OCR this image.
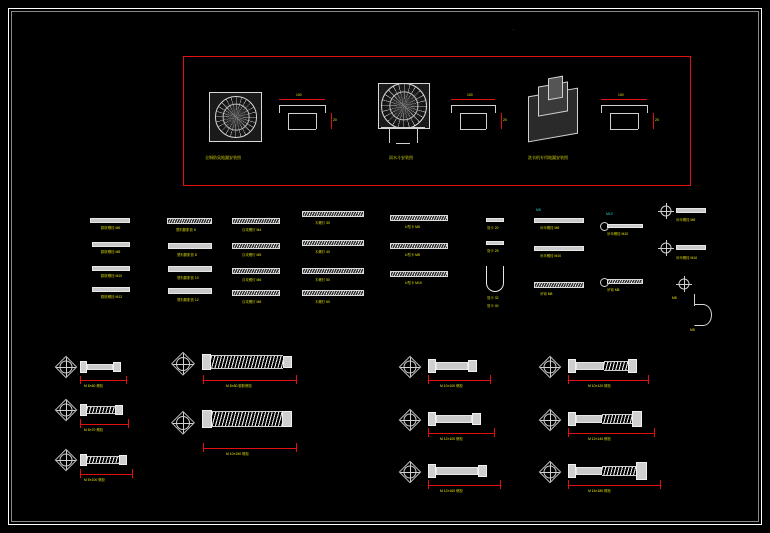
·
100
20
全铜防臭地漏安装图
100
20
雨水斗安装图
100
20
洗衣机专用地漏安装图
膨胀螺栓 M6
膨胀螺栓 M8
膨胀螺栓 M10
膨胀螺栓 M12
塑料膨胀管 6
塑料膨胀管 8
塑料膨胀管 10
塑料膨胀管 12
自攻螺钉 M4
自攻螺钉 M5
自攻螺钉 M6
自攻螺钉 M8
木螺钉 30
木螺钉 40
木螺钉 50
木螺钉 60
U型卡 M6
U型卡 M8
U型卡 M10
管卡 20
管卡 25
管卡 32
管卡 40
M8
吊环螺栓 M8
吊环螺栓 M10
吊钩 M8
M10
吊环螺栓 M10
吊钩 M8
M8
吊环螺栓 M8
吊环螺栓 M10
M8
M 8×60 螺栓	M 8×80 膨胀螺栓	M 10×100 螺栓	M 10×120 螺栓
M 8×70 螺栓
M 10×150 螺栓
M 12×100 螺栓	M 12×140 螺栓
M 8×100 螺栓
M 12×160 螺栓	M 16×180 螺栓
